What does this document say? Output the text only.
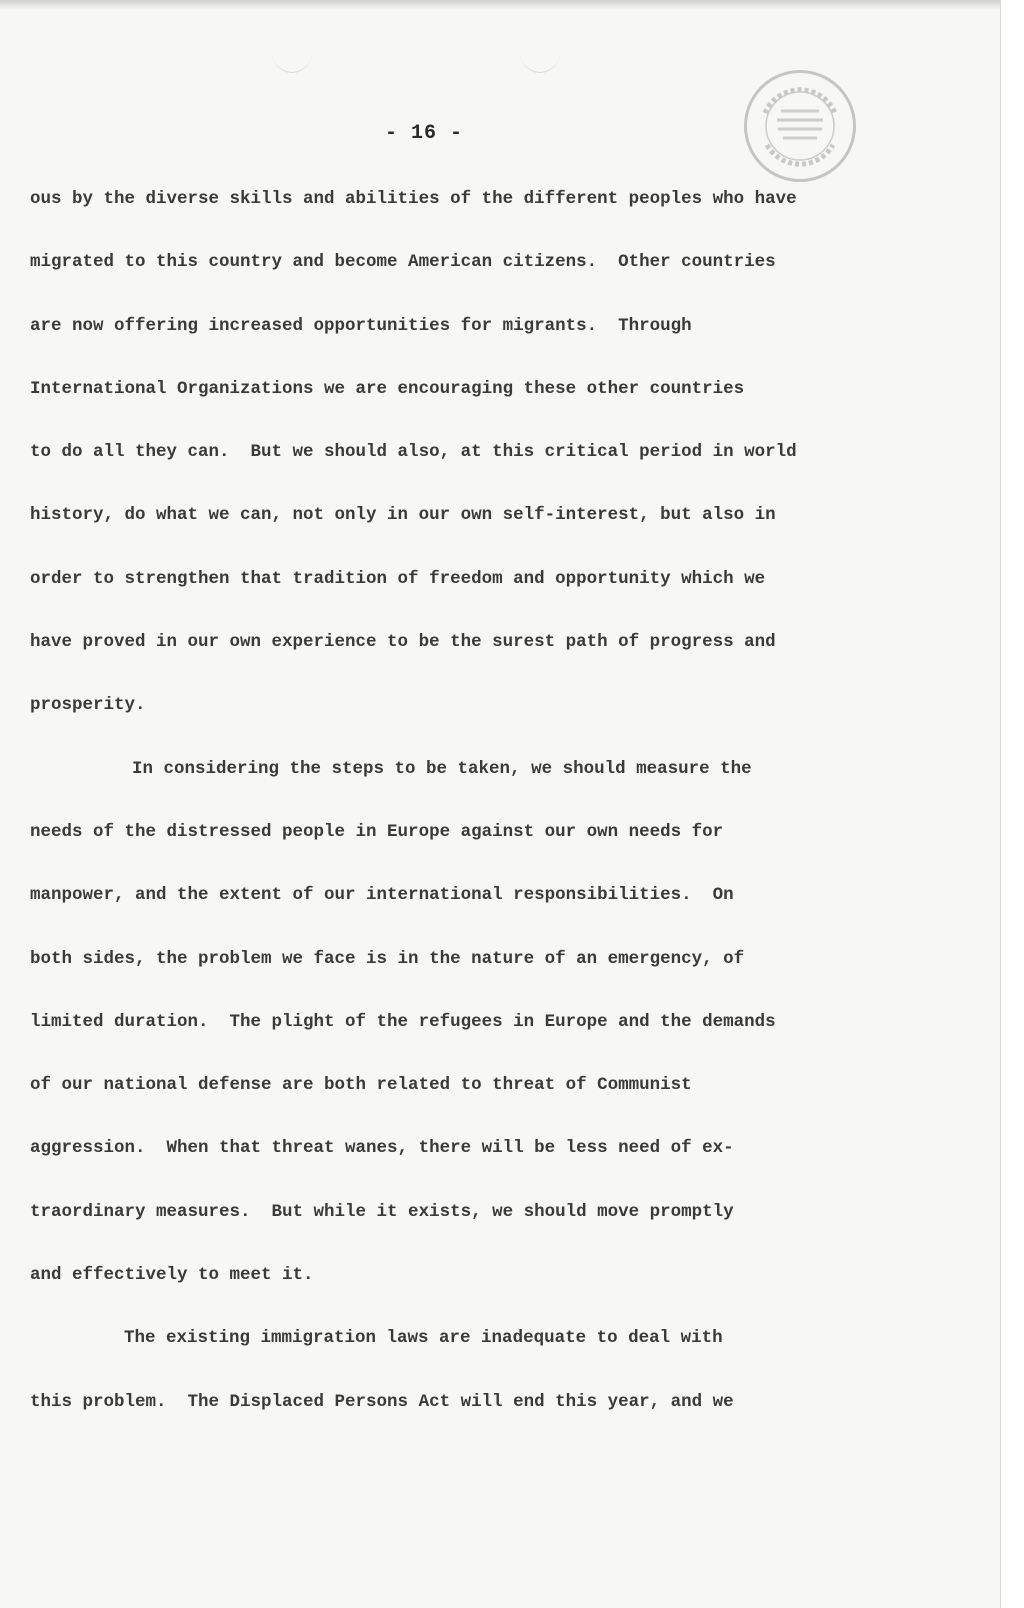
- 16 -
ous by the diverse skills and abilities of the different peoples who have
migrated to this country and become American citizens.  Other countries
are now offering increased opportunities for migrants.  Through
International Organizations we are encouraging these other countries
to do all they can.  But we should also, at this critical period in world
history, do what we can, not only in our own self-interest, but also in
order to strengthen that tradition of freedom and opportunity which we
have proved in our own experience to be the surest path of progress and
prosperity.
In considering the steps to be taken, we should measure the
needs of the distressed people in Europe against our own needs for
manpower, and the extent of our international responsibilities.  On
both sides, the problem we face is in the nature of an emergency, of
limited duration.  The plight of the refugees in Europe and the demands
of our national defense are both related to threat of Communist
aggression.  When that threat wanes, there will be less need of ex-
traordinary measures.  But while it exists, we should move promptly
and effectively to meet it.
The existing immigration laws are inadequate to deal with
this problem.  The Displaced Persons Act will end this year, and we
